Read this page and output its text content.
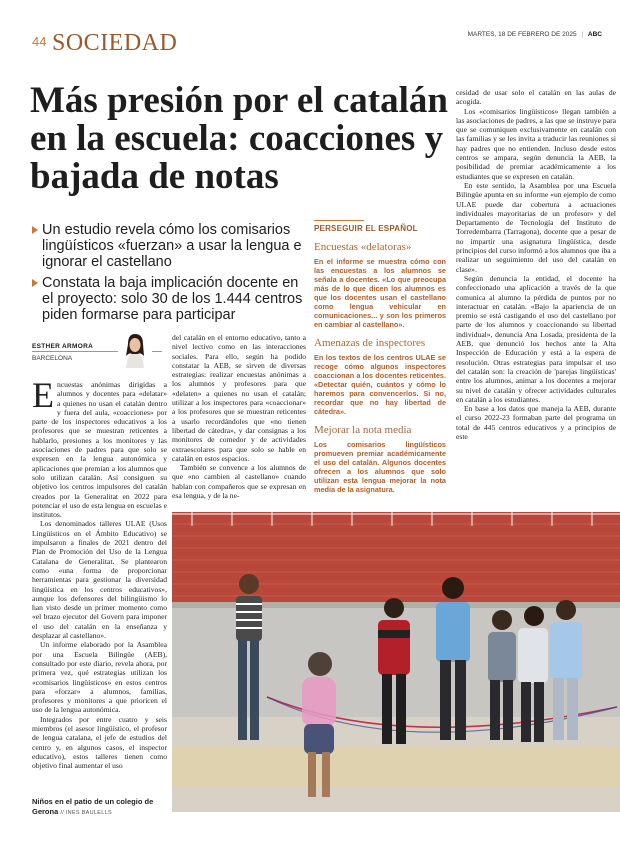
44 SOCIEDAD	MARTES, 18 DE FEBRERO DE 2025 | ABC
Más presión por el catalán en la escuela: coacciones y bajada de notas
Un estudio revela cómo los comisarios lingüísticos «fuerzan» a usar la lengua e ignorar el castellano
Constata la baja implicación docente en el proyecto: solo 30 de los 1.444 centros piden formarse para participar
ESTHER ARMORA
BARCELONA

Encuestas anónimas dirigidas a alumnos y docentes para «delatar» a quienes no usan el catalán dentro y fuera del aula, «coacciones» por parte de los inspectores educativos a los profesores que se muestran reticentes a hablarlo, presiones a los monitores y las asociaciones de padres para que solo se expresen en la lengua autonómica y aplicaciones que premian a los alumnos que solo utilizan catalán. Así consiguen su objetivo los centros impulsores del catalán creados por la Generalitat en 2022 para potenciar el uso de esta lengua en escuelas e institutos.

Los denominados talleres ULAE (Usos Lingüísticos en el Ámbito Educativo) se impulsaron a finales de 2021 dentro del Plan de Promoción del Uso de la Lengua Catalana de Generalitat. Se plantearon como «una forma de proporcionar herramientas para gestionar la diversidad lingüística en los centros educativos», aunque los defensores del bilingüismo lo han visto desde un primer momento como «el brazo ejecutor del Govern para imponer el uso del catalán en la enseñanza y desplazar al castellano».

Un informe elaborado por la Asamblea por una Escuela Bilingüe (AEB), consultado por este diario, revela ahora, por primera vez, qué estrategias utilizan los «comisarios lingüísticos» en estos centros para «forzar» a alumnos, familias, profesores y monitores a que prioricen el uso de la lengua autonómica.

Integrados por entre cuatro y seis miembros (el asesor lingüístico, el profesor de lengua catalana, el jefe de estudios del centro y, en algunos casos, el inspector educativo), estos talleres tienen como objetivo final aumentar el uso

del catalán en el entorno educativo, tanto a nivel lectivo como en las interacciones sociales. Para ello, según ha podido constatar la AEB, se sirven de diversas estrategias: realizar encuestas anónimas a los alumnos y profesores para que «delaten» a quienes no usan el catalán; utilizar a los inspectores para «coaccionar» a los profesores que se muestran reticentes a usarlo recordándoles que «no tienen libertad de cátedra», y dar consignas a los monitores de comedor y de actividades extraescolares para que solo se hable en catalán en estos espacios.

También se convence a los alumnos de que «no cambien al castellano» cuando hablan con compañeros que se expresan en esa lengua, y de la ne-

PERSEGUIR EL ESPAÑOL
Encuestas «delatoras»
En el informe se muestra cómo con las encuestas a los alumnos se señala a docentes. «Lo que preocupa más de lo que dicen los alumnos es que los docentes usan el castellano como lengua vehicular en comunicaciones... y son los primeros en cambiar al castellano».
Amenazas de inspectores
En los textos de los centros ULAE se recoge cómo algunos inspectores coaccionan a los docentes reticentes. «Detectar quién, cuántos y cómo lo haremos para convencerlos. Si no, recordar que no hay libertad de cátedra».
Mejorar la nota media
Los comisarios lingüísticos promueven premiar académicamente el uso del catalán. Algunos docentes ofrecen a los alumnos que solo utilizan esta lengua mejorar la nota media de la asignatura.

cesidad de usar solo el catalán en las aulas de acogida.

Los «comisarios lingüísticos» llegan también a las asociaciones de padres, a las que se instruye para que se comuniquen exclusivamente en catalán con las familias y se les invita a traducir las reuniones si hay padres que no entienden. Incluso desde estos centros se ampara, según denuncia la AEB, la posibilidad de premiar académicamente a los estudiantes que se expresen en catalán.

En este sentido, la Asamblea por una Escuela Bilingüe apunta en su informe «un ejemplo de como ULAE puede dar cobertura a actuaciones individuales mayoritarias de un profesor» y del Departamento de Tecnología del Instituto de Torredembarra (Tarragona), docente que a pesar de no impartir una asignatura lingüística, desde principios del curso informó a los alumnos que iba a realizar un seguimiento del uso del catalán en clase».

Según denuncia la entidad, el docente ha confeccionado una aplicación a través de la que comunica al alumno la pérdida de puntos por no interactuar en catalán. «Bajo la apariencia de un premio se está castigando el uso del castellano por parte de los alumnos y coaccionando su libertad individual», denuncia Ana Losada, presidenta de la AEB, que denunció los hechos ante la Alta Inspección de Educación y está a la espera de resolución. Otras estrategias para impulsar el uso del catalán son: la creación de 'parejas lingüísticas' entre los alumnos, animar a los docentes a mejorar su nivel de catalán y ofrecer actividades culturales en catalán a los estudiantes.

En base a los datos que maneja la AEB, durante el curso 2022-23 formaban parte del programa un total de 445 centros educativos y a principios de este

Niños en el patio de un colegio de Gerona // INÉS BAULELLS
